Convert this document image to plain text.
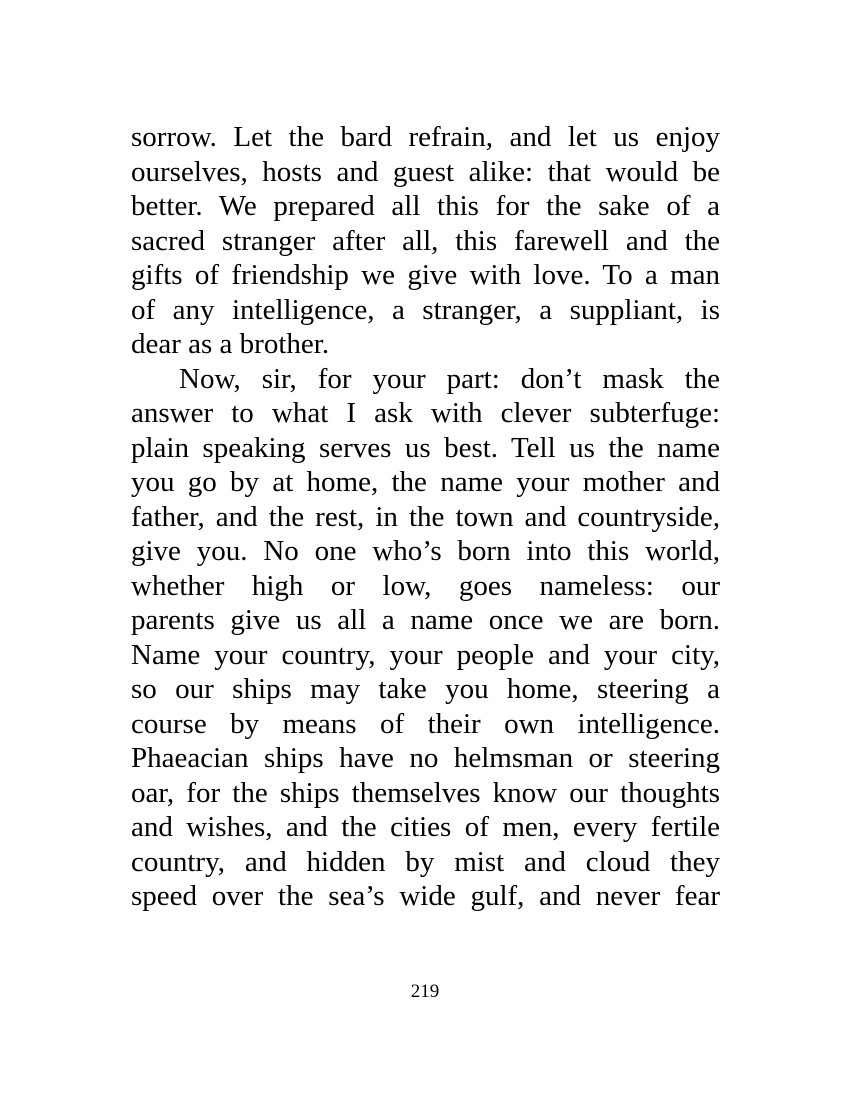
sorrow. Let the bard refrain, and let us enjoy
ourselves, hosts and guest alike: that would be
better. We prepared all this for the sake of a
sacred stranger after all, this farewell and the
gifts of friendship we give with love. To a man
of any intelligence, a stranger, a suppliant, is
dear as a brother.
Now, sir, for your part: don’t mask the
answer to what I ask with clever subterfuge:
plain speaking serves us best. Tell us the name
you go by at home, the name your mother and
father, and the rest, in the town and countryside,
give you. No one who’s born into this world,
whether high or low, goes nameless: our
parents give us all a name once we are born.
Name your country, your people and your city,
so our ships may take you home, steering a
course by means of their own intelligence.
Phaeacian ships have no helmsman or steering
oar, for the ships themselves know our thoughts
and wishes, and the cities of men, every fertile
country, and hidden by mist and cloud they
speed over the sea’s wide gulf, and never fear
219
